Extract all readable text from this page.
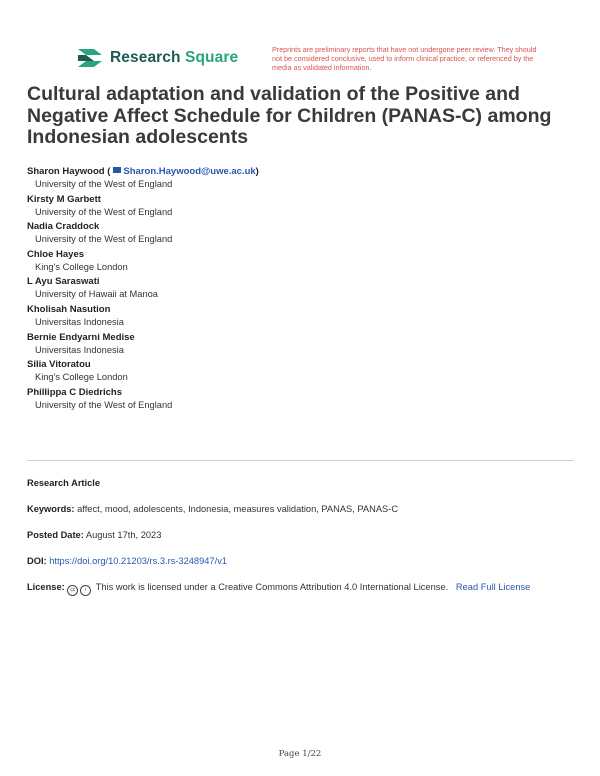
Research Square	Preprints are preliminary reports that have not undergone peer review. They should not be considered conclusive, used to inform clinical practice, or referenced by the media as validated information.
Cultural adaptation and validation of the Positive and Negative Affect Schedule for Children (PANAS-C) among Indonesian adolescents
Sharon Haywood ( Sharon.Haywood@uwe.ac.uk)
University of the West of England
Kirsty M Garbett
University of the West of England
Nadia Craddock
University of the West of England
Chloe Hayes
King's College London
L Ayu Saraswati
University of Hawaii at Manoa
Kholisah Nasution
Universitas Indonesia
Bernie Endyarni Medise
Universitas Indonesia
Silia Vitoratou
King's College London
Phillippa C Diedrichs
University of the West of England
Research Article
Keywords: affect, mood, adolescents, Indonesia, measures validation, PANAS, PANAS-C
Posted Date: August 17th, 2023
DOI: https://doi.org/10.21203/rs.3.rs-3248947/v1
License: cc i This work is licensed under a Creative Commons Attribution 4.0 International License. Read Full License
Page 1/22
